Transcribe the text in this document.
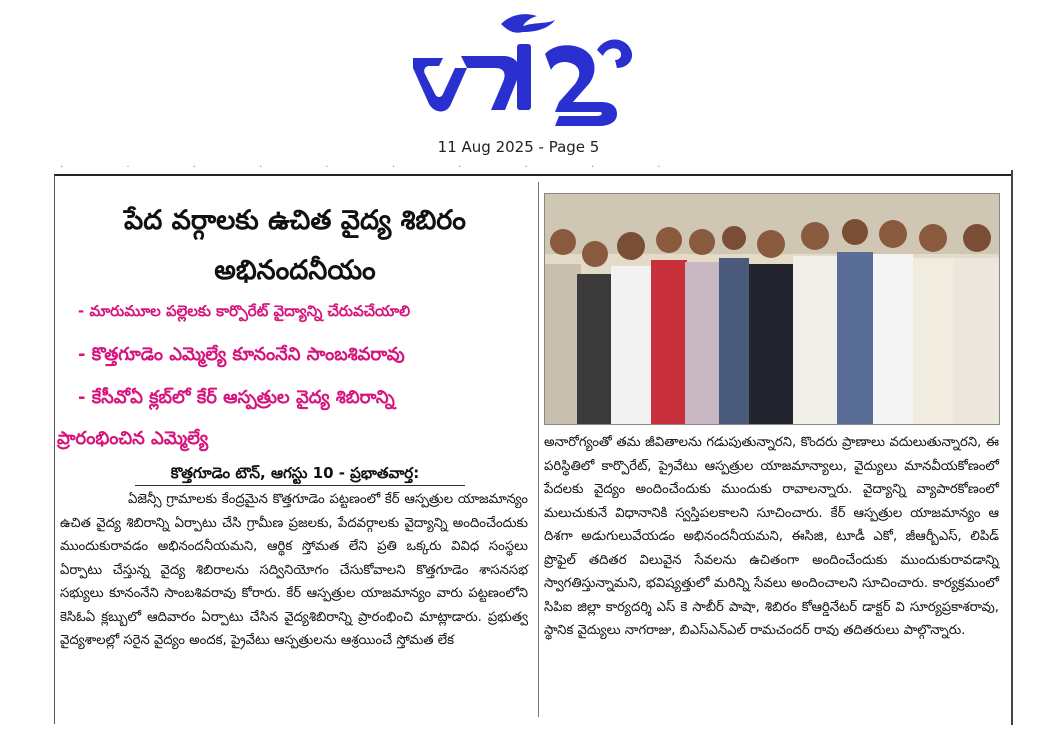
11 Aug 2025 - Page 5
· · · · · · · · · ·
పేద వర్గాలకు ఉచిత వైద్య శిబిరం
అభినందనీయం
- మారుమూల పల్లెలకు కార్పొరేట్ వైద్యాన్ని చేరువచేయాలి
- కొత్తగూడెం ఎమ్మెల్యే కూనంనేని సాంబశివరావు
- కేసీవోఏ క్లబ్‌లో కేర్ ఆస్పత్రుల వైద్య శిబిరాన్ని
ప్రారంభించిన ఎమ్మెల్యే
కొత్తగూడెం టౌన్, ఆగస్టు 10 - ప్రభాతవార్త:
ఏజెన్సీ గ్రామాలకు కేంద్రమైన కొత్తగూడెం పట్టణంలో కేర్ ఆస్పత్రుల యాజమాన్యం ఉచిత వైద్య శిబిరాన్ని ఏర్పాటు చేసి గ్రామీణ ప్రజలకు, పేదవర్గాలకు వైద్యాన్ని అందించేందుకు ముందుకురావడం అభినందనీయమని, ఆర్థిక స్తోమత లేని ప్రతి ఒక్కరు వివిధ సంస్థలు ఏర్పాటు చేస్తున్న వైద్య శిబిరాలను సద్వినియోగం చేసుకోవాలని కొత్తగూడెం శాసనసభ సభ్యులు కూనంనేని సాంబశివరావు కోరారు. కేర్ ఆస్పత్రుల యాజమాన్యం వారు పట్టణంలోని కెసిఓఏ క్లబ్బులో ఆదివారం ఏర్పాటు చేసిన వైద్యశిబిరాన్ని ప్రారంభించి మాట్లాడారు. ప్రభుత్వ వైద్యశాలల్లో సరైన వైద్యం అందక, ప్రైవేటు ఆస్పత్రులను ఆశ్రయించే స్తోమత లేక
అనారోగ్యంతో తమ జీవితాలను గడుపుతున్నారని, కొందరు ప్రాణాలు వదులుతున్నారని, ఈ పరిస్థితిలో కార్పొరేట్, ప్రైవేటు ఆస్పత్రుల యాజమాన్యాలు, వైద్యులు మానవీయకోణంలో పేదలకు వైద్యం అందించేందుకు ముందుకు రావాలన్నారు. వైద్యాన్ని వ్యాపారకోణంలో మలుచుకునే విధానానికి స్వస్తిపలకాలని సూచించారు. కేర్ ఆస్పత్రుల యాజమాన్యం ఆ దిశగా అడుగులువేయడం అభినందనీయమని, ఈసిజి, టూడీ ఎకో, జీఆర్బీఎస్, లిపిడ్ ప్రొఫైల్ తదితర విలువైన సేవలను ఉచితంగా అందించేందుకు ముందుకురావడాన్ని స్వాగతిస్తున్నామని, భవిష్యత్తులో మరిన్ని సేవలు అందించాలని సూచించారు. కార్యక్రమంలో సిపిఐ జిల్లా కార్యదర్శి ఎస్ కె సాబీర్ పాషా, శిబిరం కోఆర్డినేటర్ డాక్టర్ వి సూర్యప్రకాశరావు, స్థానిక వైద్యులు నాగరాజు, బిఎస్ఎన్ఎల్ రామచందర్ రావు తదితరులు పాల్గొన్నారు.
